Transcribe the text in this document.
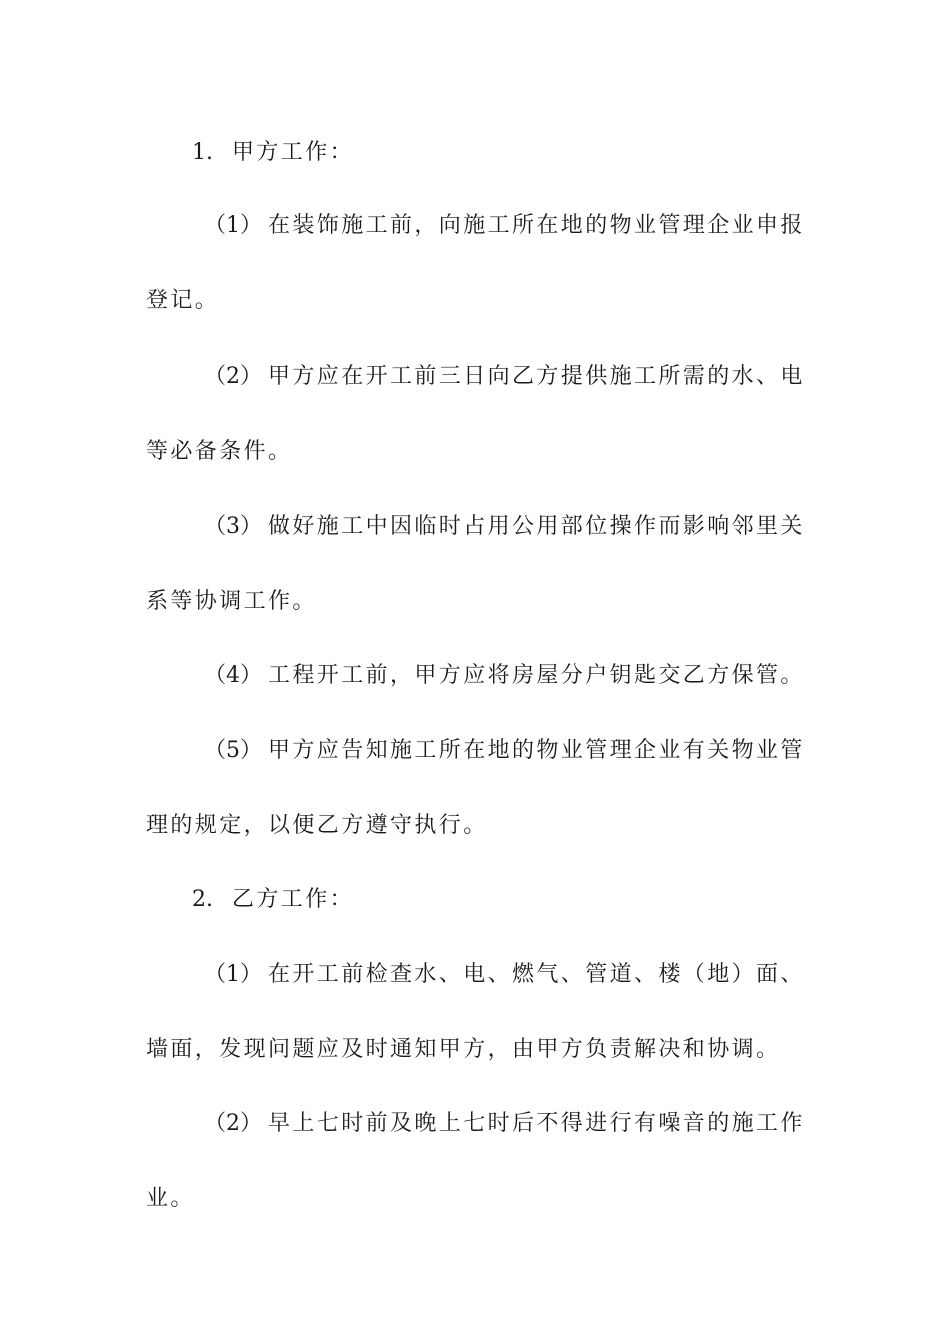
1. 甲方工作：
（1） 在装饰施工前，向施工所在地的物业管理企业申报
登记。
（2） 甲方应在开工前三日向乙方提供施工所需的水、电
等必备条件。
（3） 做好施工中因临时占用公用部位操作而影响邻里关
系等协调工作。
（4） 工程开工前，甲方应将房屋分户钥匙交乙方保管。
（5） 甲方应告知施工所在地的物业管理企业有关物业管
理的规定，以便乙方遵守执行。
2. 乙方工作：
（1） 在开工前检查水、电、燃气、管道、楼（地）面、
墙面，发现问题应及时通知甲方，由甲方负责解决和协调。
（2） 早上七时前及晚上七时后不得进行有噪音的施工作
业。
